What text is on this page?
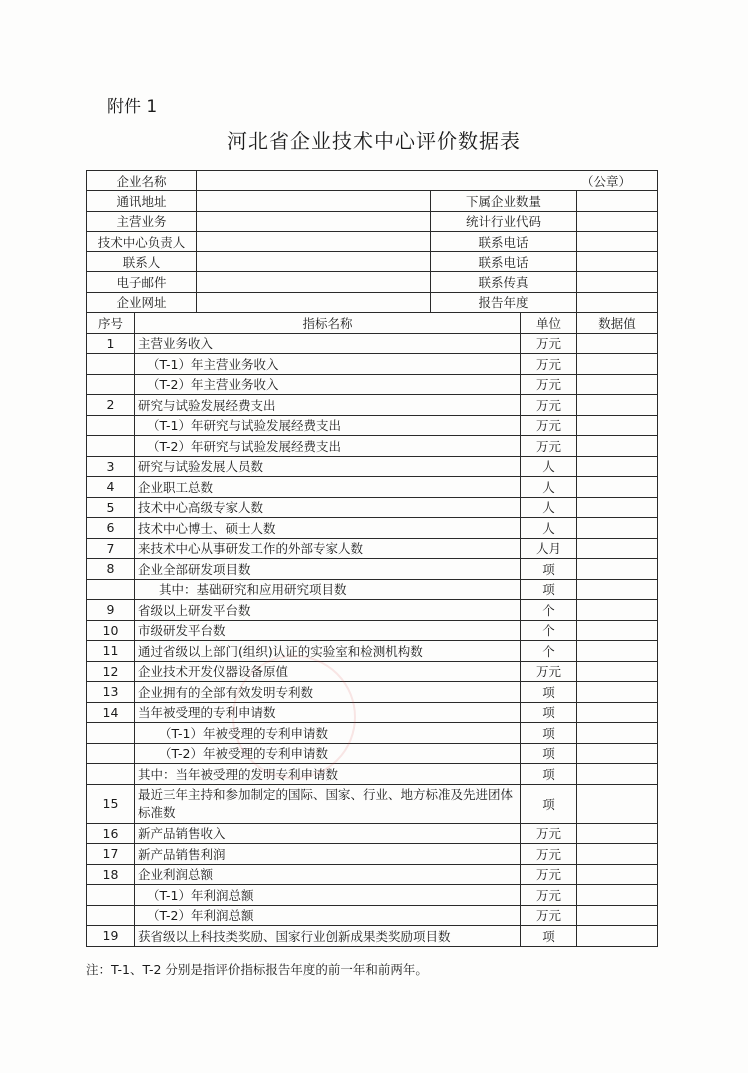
附件 1
河北省企业技术中心评价数据表
企业名称	（公章）		
通讯地址		下属企业数量	
主营业务		统计行业代码	
技术中心负责人		联系电话	
联系人		联系电话	
电子邮件		联系传真	
企业网址		报告年度	
序号	指标名称	单位	数据值
1	主营业务收入	万元	
	（T-1）年主营业务收入	万元	
	（T-2）年主营业务收入	万元	
2	研究与试验发展经费支出	万元	
	（T-1）年研究与试验发展经费支出	万元	
	（T-2）年研究与试验发展经费支出	万元	
3	研究与试验发展人员数	人	
4	企业职工总数	人	
5	技术中心高级专家人数	人	
6	技术中心博士、硕士人数	人	
7	来技术中心从事研发工作的外部专家人数	人月	
8	企业全部研发项目数	项	
	其中：基础研究和应用研究项目数	项	
9	省级以上研发平台数	个	
10	市级研发平台数	个	
11	通过省级以上部门(组织)认证的实验室和检测机构数	个	
12	企业技术开发仪器设备原值	万元	
13	企业拥有的全部有效发明专利数	项	
14	当年被受理的专利申请数	项	
	（T-1）年被受理的专利申请数	项	
	（T-2）年被受理的专利申请数	项	
	其中：当年被受理的发明专利申请数	项	
15	最近三年主持和参加制定的国际、国家、行业、地方标准及先进团体标准数	项	
16	新产品销售收入	万元	
17	新产品销售利润	万元	
18	企业利润总额	万元	
	（T-1）年利润总额	万元	
	（T-2）年利润总额	万元	
19	获省级以上科技类奖励、国家行业创新成果类奖励项目数	项	
注：T-1、T-2 分别是指评价指标报告年度的前一年和前两年。
